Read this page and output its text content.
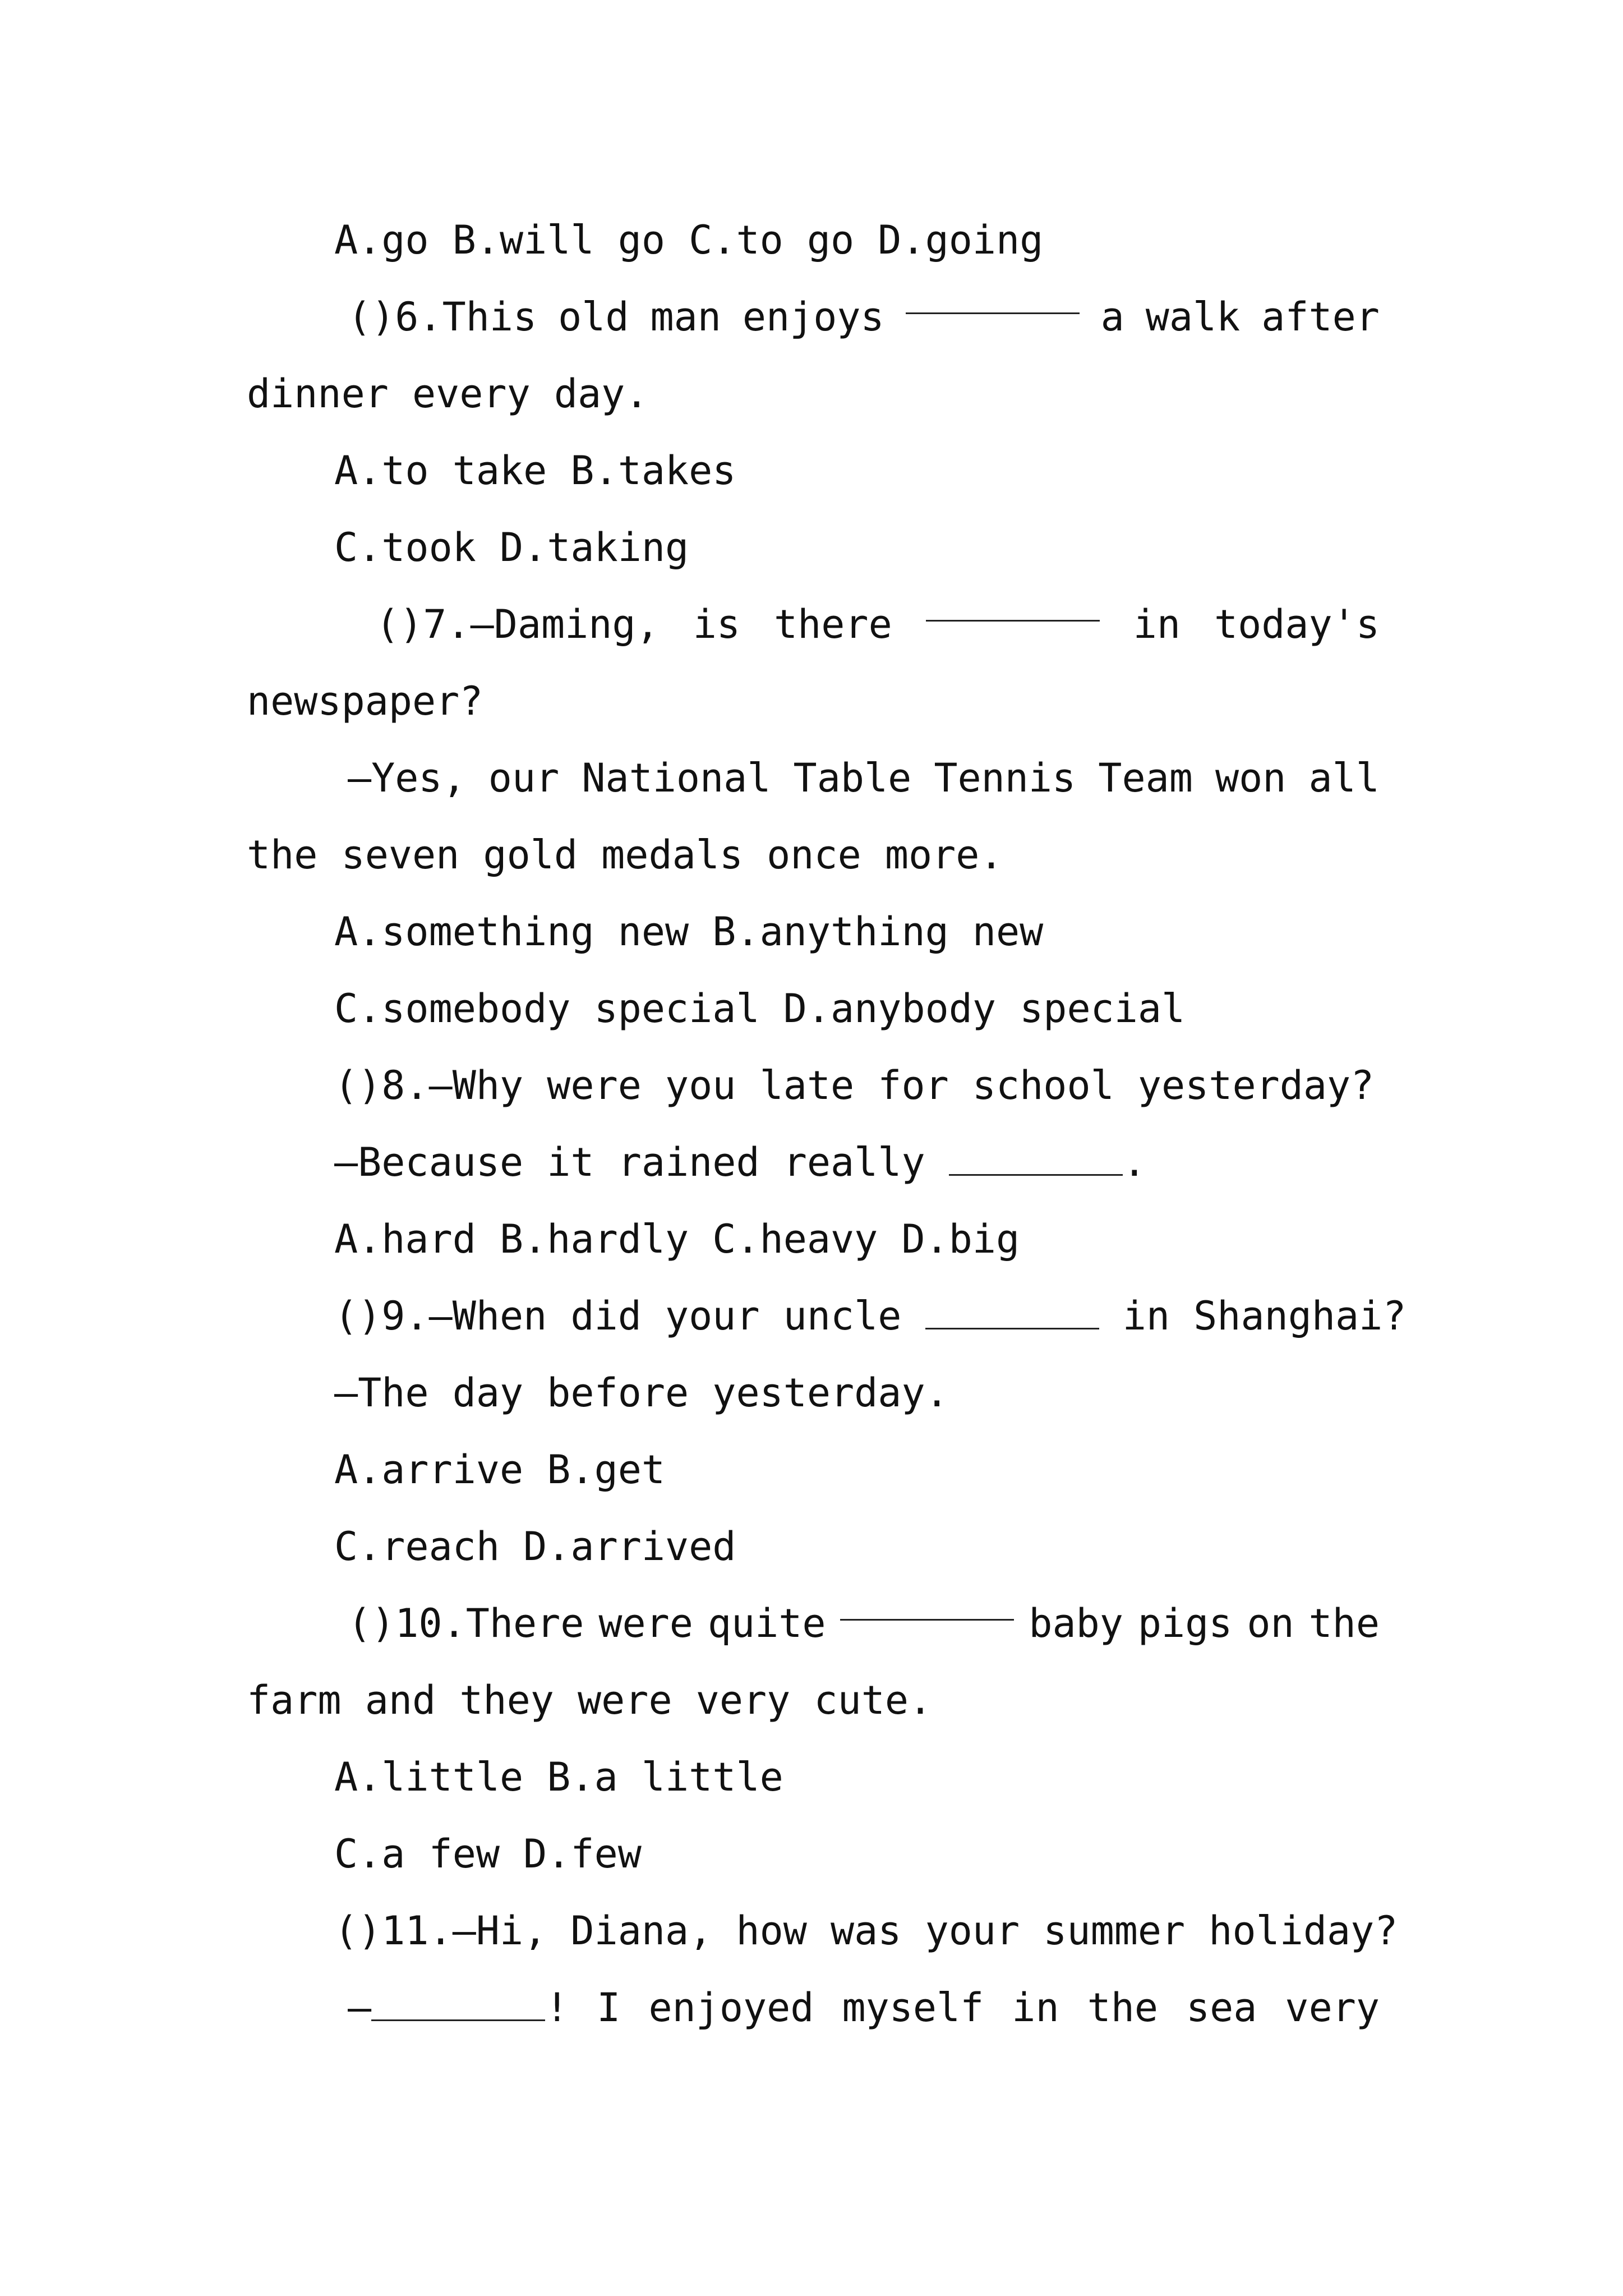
A.go B.will go C.to go D.going
()6.This old man enjoys	a walk after
dinner every day.
A.to take B.takes
C.took D.taking
()7.—Daming, is there	in today's
newspaper?
—Yes, our National Table Tennis Team won all
the seven gold medals once more.
A.something new B.anything new
C.somebody special D.anybody special
()8.—Why were you late for school yesterday?
—Because it rained really	.
A.hard B.hardly C.heavy D.big
()9.—When did your uncle	in Shanghai?
—The day before yesterday.
A.arrive B.get
C.reach D.arrived
()10.There were quite	baby pigs on the
farm and they were very cute.
A.little B.a little
C.a few D.few
()11.—Hi, Diana, how was your summer holiday?
—	! I enjoyed myself in the sea very
